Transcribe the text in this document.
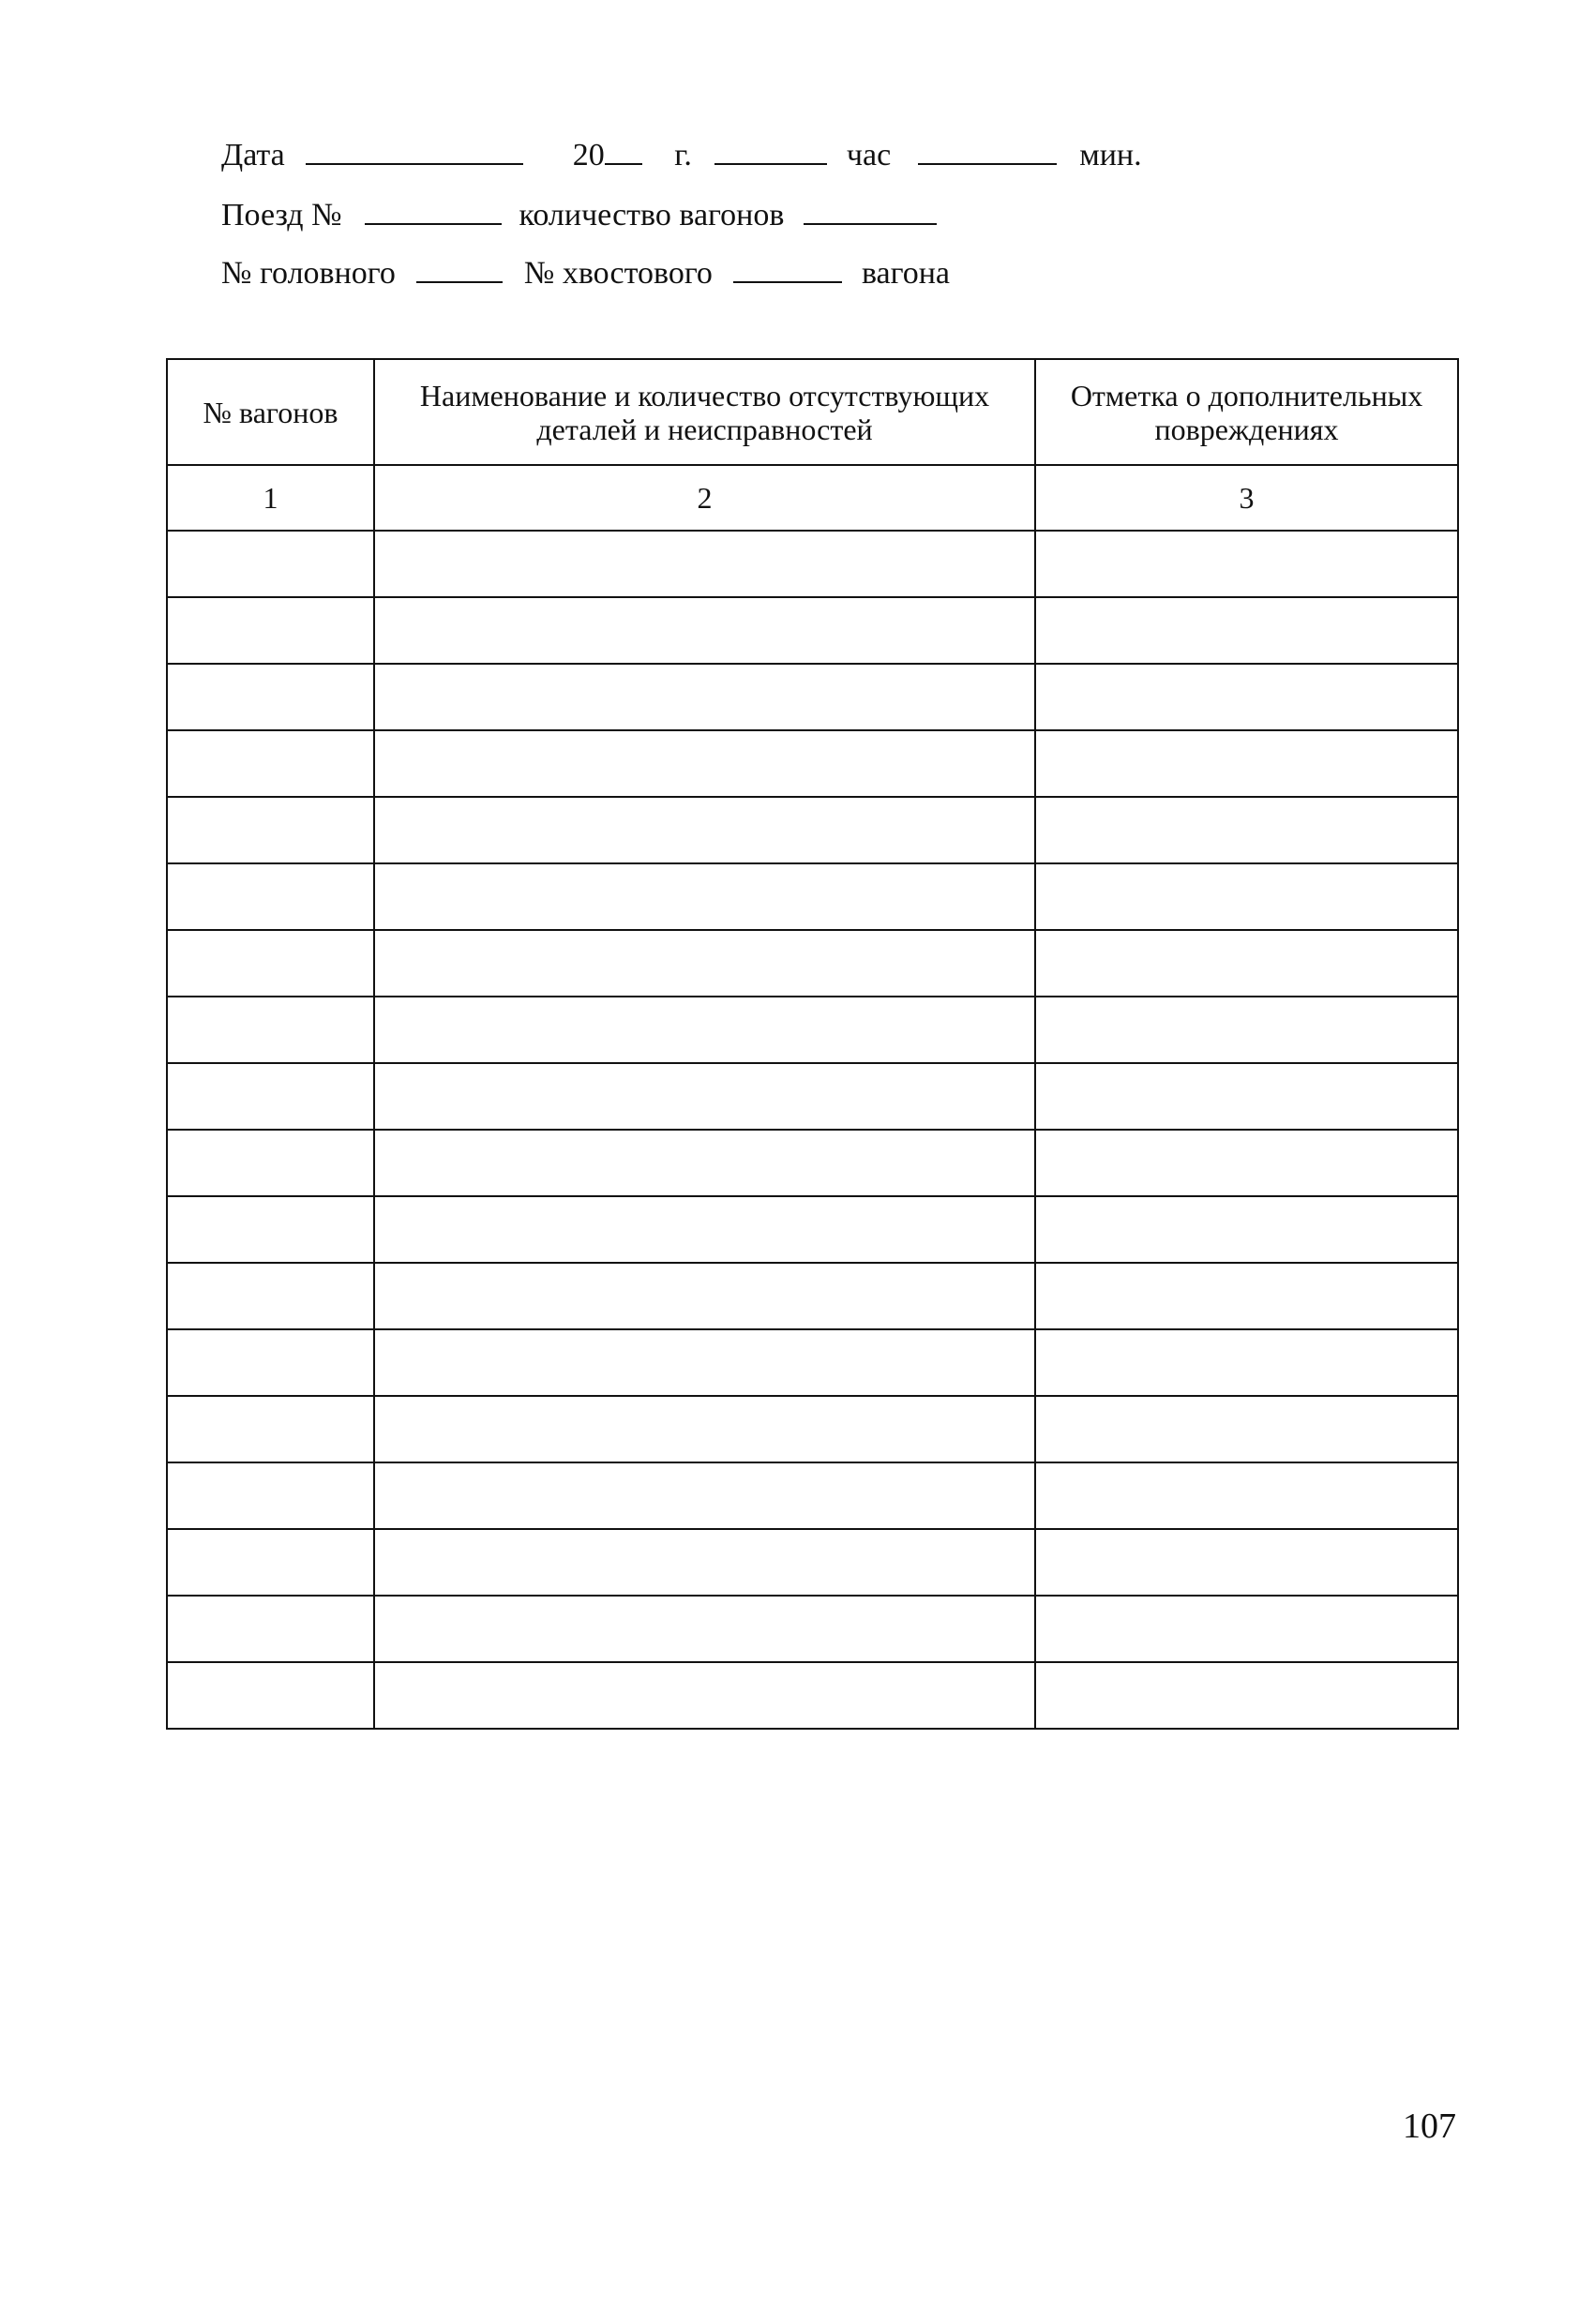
Дата	20 г.	час	мин.
Поезд №	количество вагонов
№ головного	№ хвостового	вагона
№ вагонов	Наименование и количество отсутствующих деталей и неисправностей	Отметка о дополнительных повреждениях
1	2	3

107
